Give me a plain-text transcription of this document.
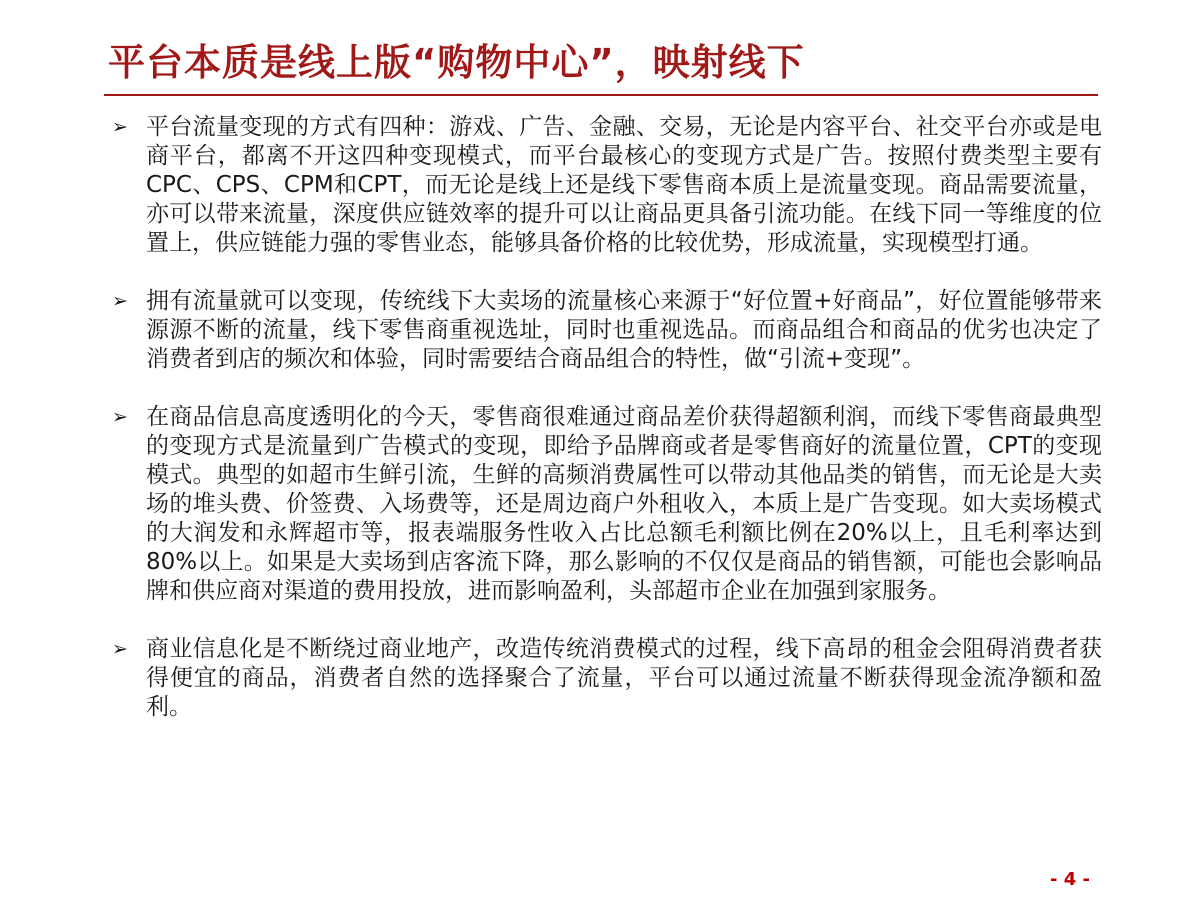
平台本质是线上版“购物中心”，映射线下
➢ 平台流量变现的方式有四种：游戏、广告、金融、交易，无论是内容平台、社交平台亦或是电商平台，都离不开这四种变现模式，而平台最核心的变现方式是广告。按照付费类型主要有CPC、CPS、CPM和CPT，而无论是线上还是线下零售商本质上是流量变现。商品需要流量，亦可以带来流量，深度供应链效率的提升可以让商品更具备引流功能。在线下同一等维度的位置上，供应链能力强的零售业态，能够具备价格的比较优势，形成流量，实现模型打通。
➢ 拥有流量就可以变现，传统线下大卖场的流量核心来源于“好位置+好商品”，好位置能够带来源源不断的流量，线下零售商重视选址，同时也重视选品。而商品组合和商品的优劣也决定了消费者到店的频次和体验，同时需要结合商品组合的特性，做“引流+变现”。
➢ 在商品信息高度透明化的今天，零售商很难通过商品差价获得超额利润，而线下零售商最典型的变现方式是流量到广告模式的变现，即给予品牌商或者是零售商好的流量位置，CPT的变现模式。典型的如超市生鲜引流，生鲜的高频消费属性可以带动其他品类的销售，而无论是大卖场的堆头费、价签费、入场费等，还是周边商户外租收入，本质上是广告变现。如大卖场模式的大润发和永辉超市等，报表端服务性收入占比总额毛利额比例在20%以上，且毛利率达到80%以上。如果是大卖场到店客流下降，那么影响的不仅仅是商品的销售额，可能也会影响品牌和供应商对渠道的费用投放，进而影响盈利，头部超市企业在加强到家服务。
➢ 商业信息化是不断绕过商业地产，改造传统消费模式的过程，线下高昂的租金会阻碍消费者获得便宜的商品，消费者自然的选择聚合了流量，平台可以通过流量不断获得现金流净额和盈利。
- 4 -
